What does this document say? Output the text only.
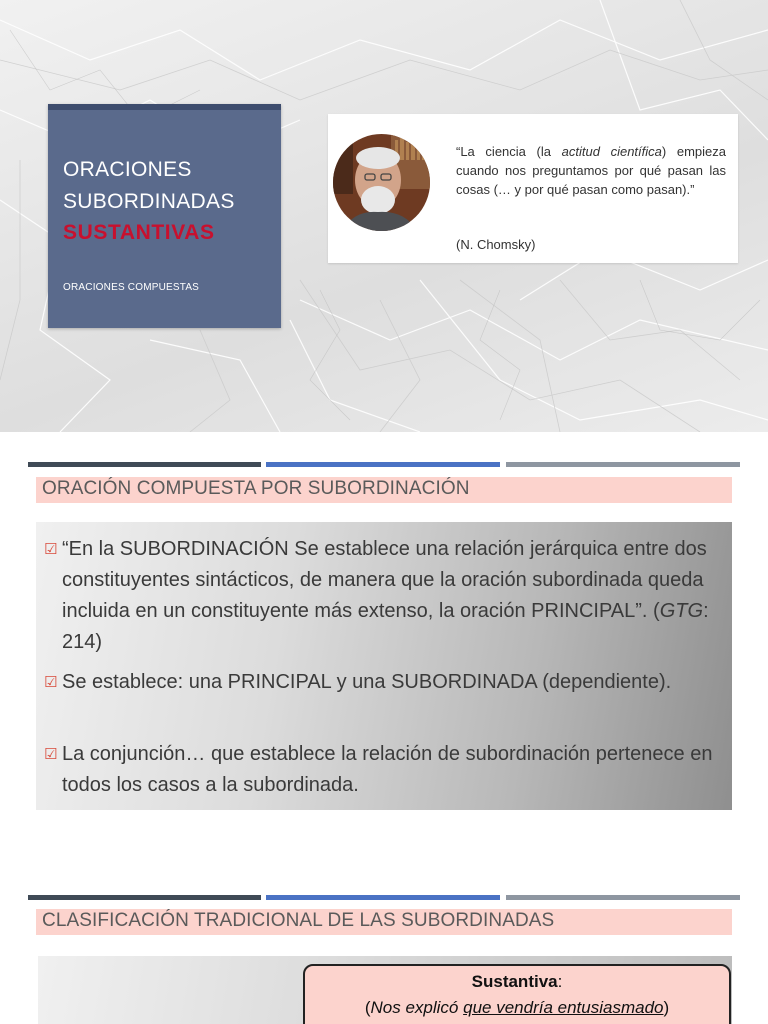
ORACIONES
SUBORDINADAS
SUSTANTIVAS
ORACIONES COMPUESTAS
“La ciencia (la actitud científica) empieza cuando nos preguntamos por qué pasan las cosas (… y por qué pasan como pasan).”
(N. Chomsky)
ORACIÓN COMPUESTA POR SUBORDINACIÓN
☑ “En la SUBORDINACIÓN Se establece una relación jerárquica entre dos constituyentes sintácticos, de manera que la oración subordinada queda incluida en un constituyente más extenso, la oración PRINCIPAL”. (GTG: 214)
☑ Se establece: una PRINCIPAL y una SUBORDINADA (dependiente).
☑ La conjunción… que establece la relación de subordinación pertenece en todos los casos a la subordinada.
CLASIFICACIÓN TRADICIONAL DE LAS SUBORDINADAS
Sustantiva:
(Nos explicó que vendría entusiasmado)
